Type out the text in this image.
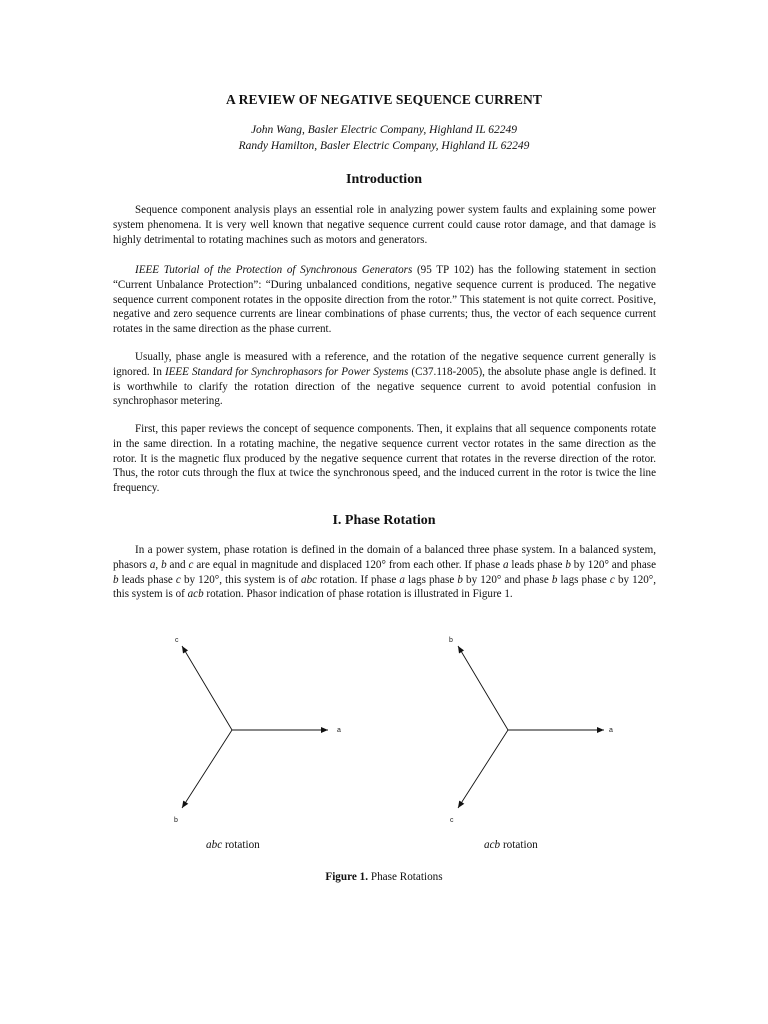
A REVIEW OF NEGATIVE SEQUENCE CURRENT
John Wang, Basler Electric Company, Highland IL 62249
Randy Hamilton, Basler Electric Company, Highland IL 62249
Introduction

Sequence component analysis plays an essential role in analyzing power system faults and explaining some power system phenomena. It is very well known that negative sequence current could cause rotor damage, and that damage is highly detrimental to rotating machines such as motors and generators.

IEEE Tutorial of the Protection of Synchronous Generators (95 TP 102) has the following statement in section “Current Unbalance Protection”: “During unbalanced conditions, negative sequence current is produced. The negative sequence current component rotates in the opposite direction from the rotor.” This statement is not quite correct. Positive, negative and zero sequence currents are linear combinations of phase currents; thus, the vector of each sequence current rotates in the same direction as the phase current.

Usually, phase angle is measured with a reference, and the rotation of the negative sequence current generally is ignored. In IEEE Standard for Synchrophasors for Power Systems (C37.118-2005), the absolute phase angle is defined. It is worthwhile to clarify the rotation direction of the negative sequence current to avoid potential confusion in synchrophasor metering.

First, this paper reviews the concept of sequence components. Then, it explains that all sequence components rotate in the same direction. In a rotating machine, the negative sequence current vector rotates in the same direction as the rotor. It is the magnetic flux produced by the negative sequence current that rotates in the reverse direction of the rotor. Thus, the rotor cuts through the flux at twice the synchronous speed, and the induced current in the rotor is twice the line frequency.

I. Phase Rotation

In a power system, phase rotation is defined in the domain of a balanced three phase system. In a balanced system, phasors a, b and c are equal in magnitude and displaced 120° from each other. If phase a leads phase b by 120° and phase b leads phase c by 120°, this system is of abc rotation. If phase a lags phase b by 120° and phase b lags phase c by 120°, this system is of acb rotation. Phasor indication of phase rotation is illustrated in Figure 1.

c
a
b
abc rotation
b
a
c
acb rotation
Figure 1. Phase Rotations
